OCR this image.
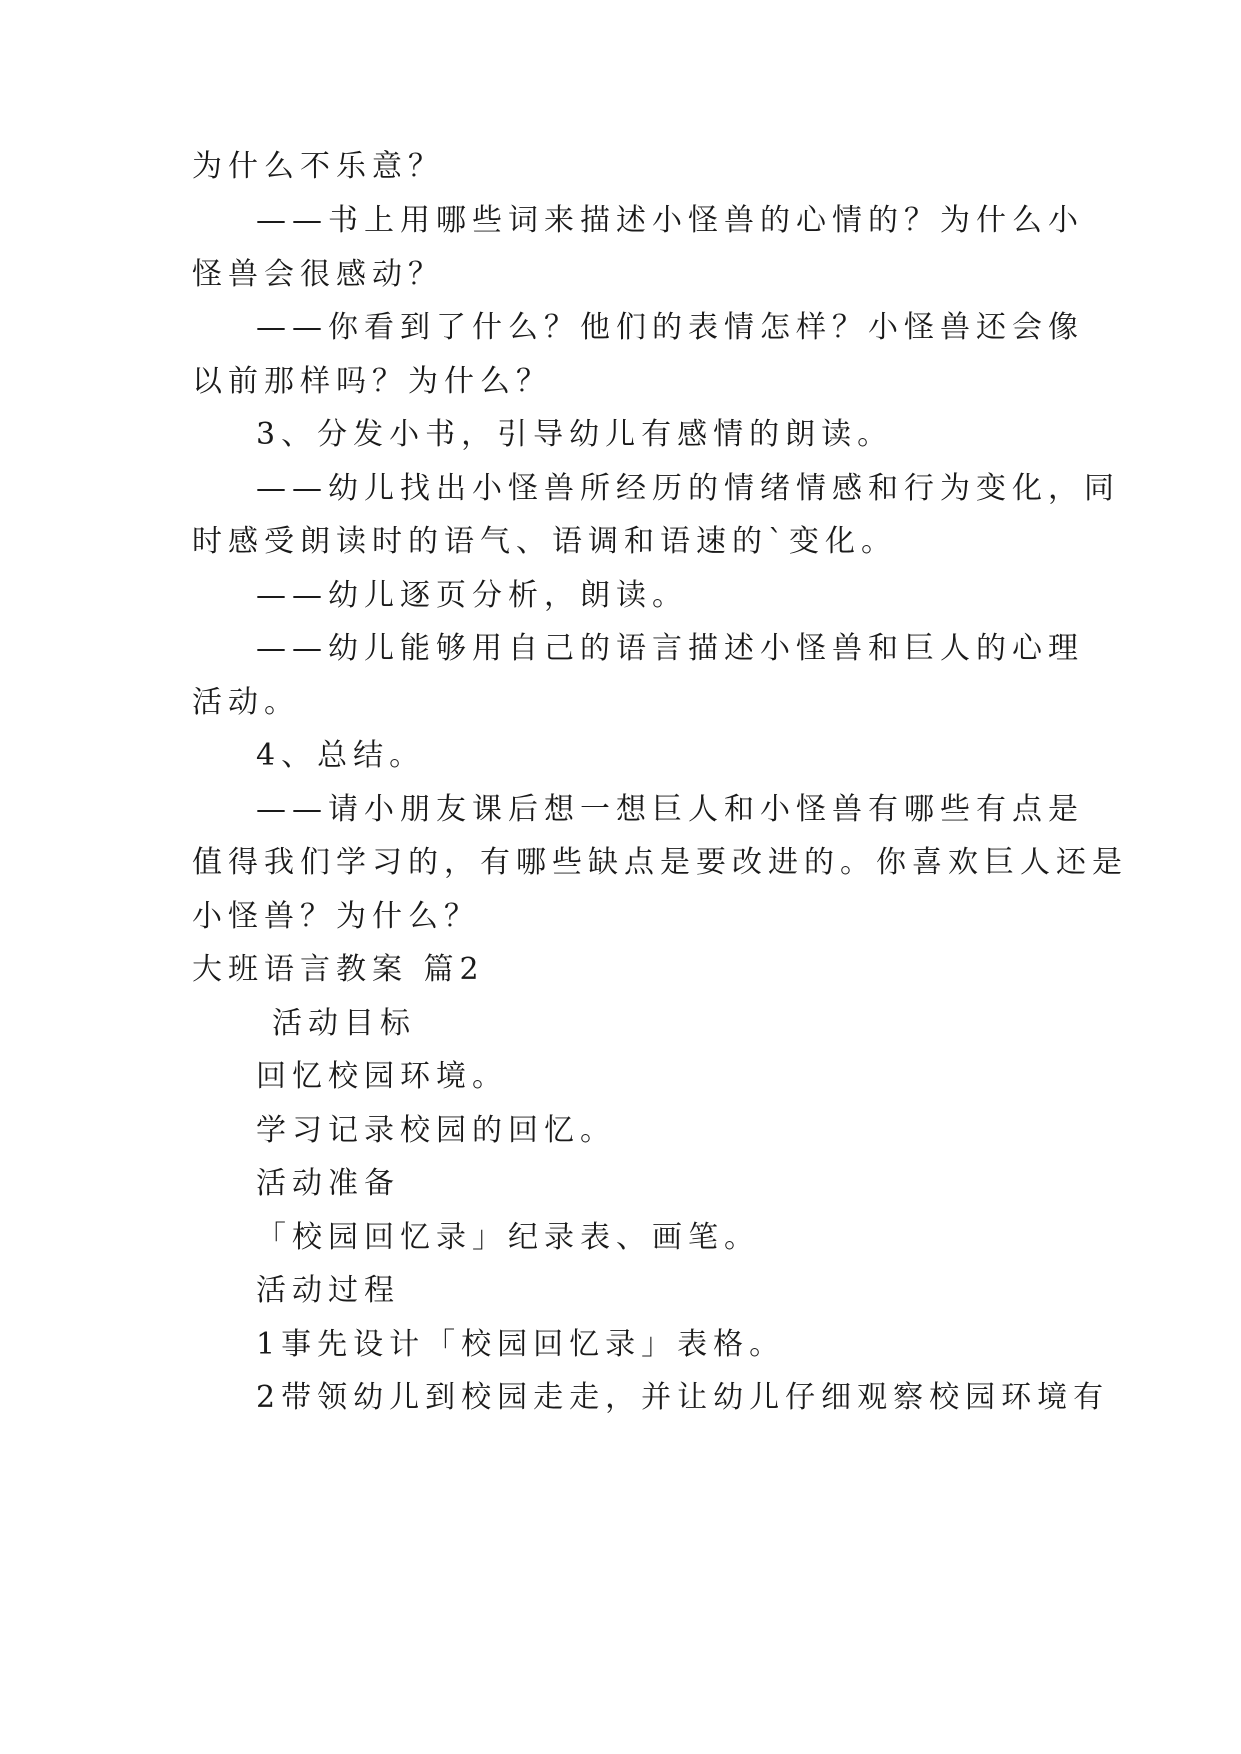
为什么不乐意？
——书上用哪些词来描述小怪兽的心情的？为什么小
怪兽会很感动？
——你看到了什么？他们的表情怎样？小怪兽还会像
以前那样吗？为什么？
3、分发小书，引导幼儿有感情的朗读。
——幼儿找出小怪兽所经历的情绪情感和行为变化，同
时感受朗读时的语气、语调和语速的`变化。
——幼儿逐页分析，朗读。
——幼儿能够用自己的语言描述小怪兽和巨人的心理
活动。
4、总结。
——请小朋友课后想一想巨人和小怪兽有哪些有点是
值得我们学习的，有哪些缺点是要改进的。你喜欢巨人还是
小怪兽？为什么？
大班语言教案 篇2
活动目标
回忆校园环境。
学习记录校园的回忆。
活动准备
「校园回忆录」纪录表、画笔。
活动过程
1事先设计「校园回忆录」表格。
2带领幼儿到校园走走，并让幼儿仔细观察校园环境有
